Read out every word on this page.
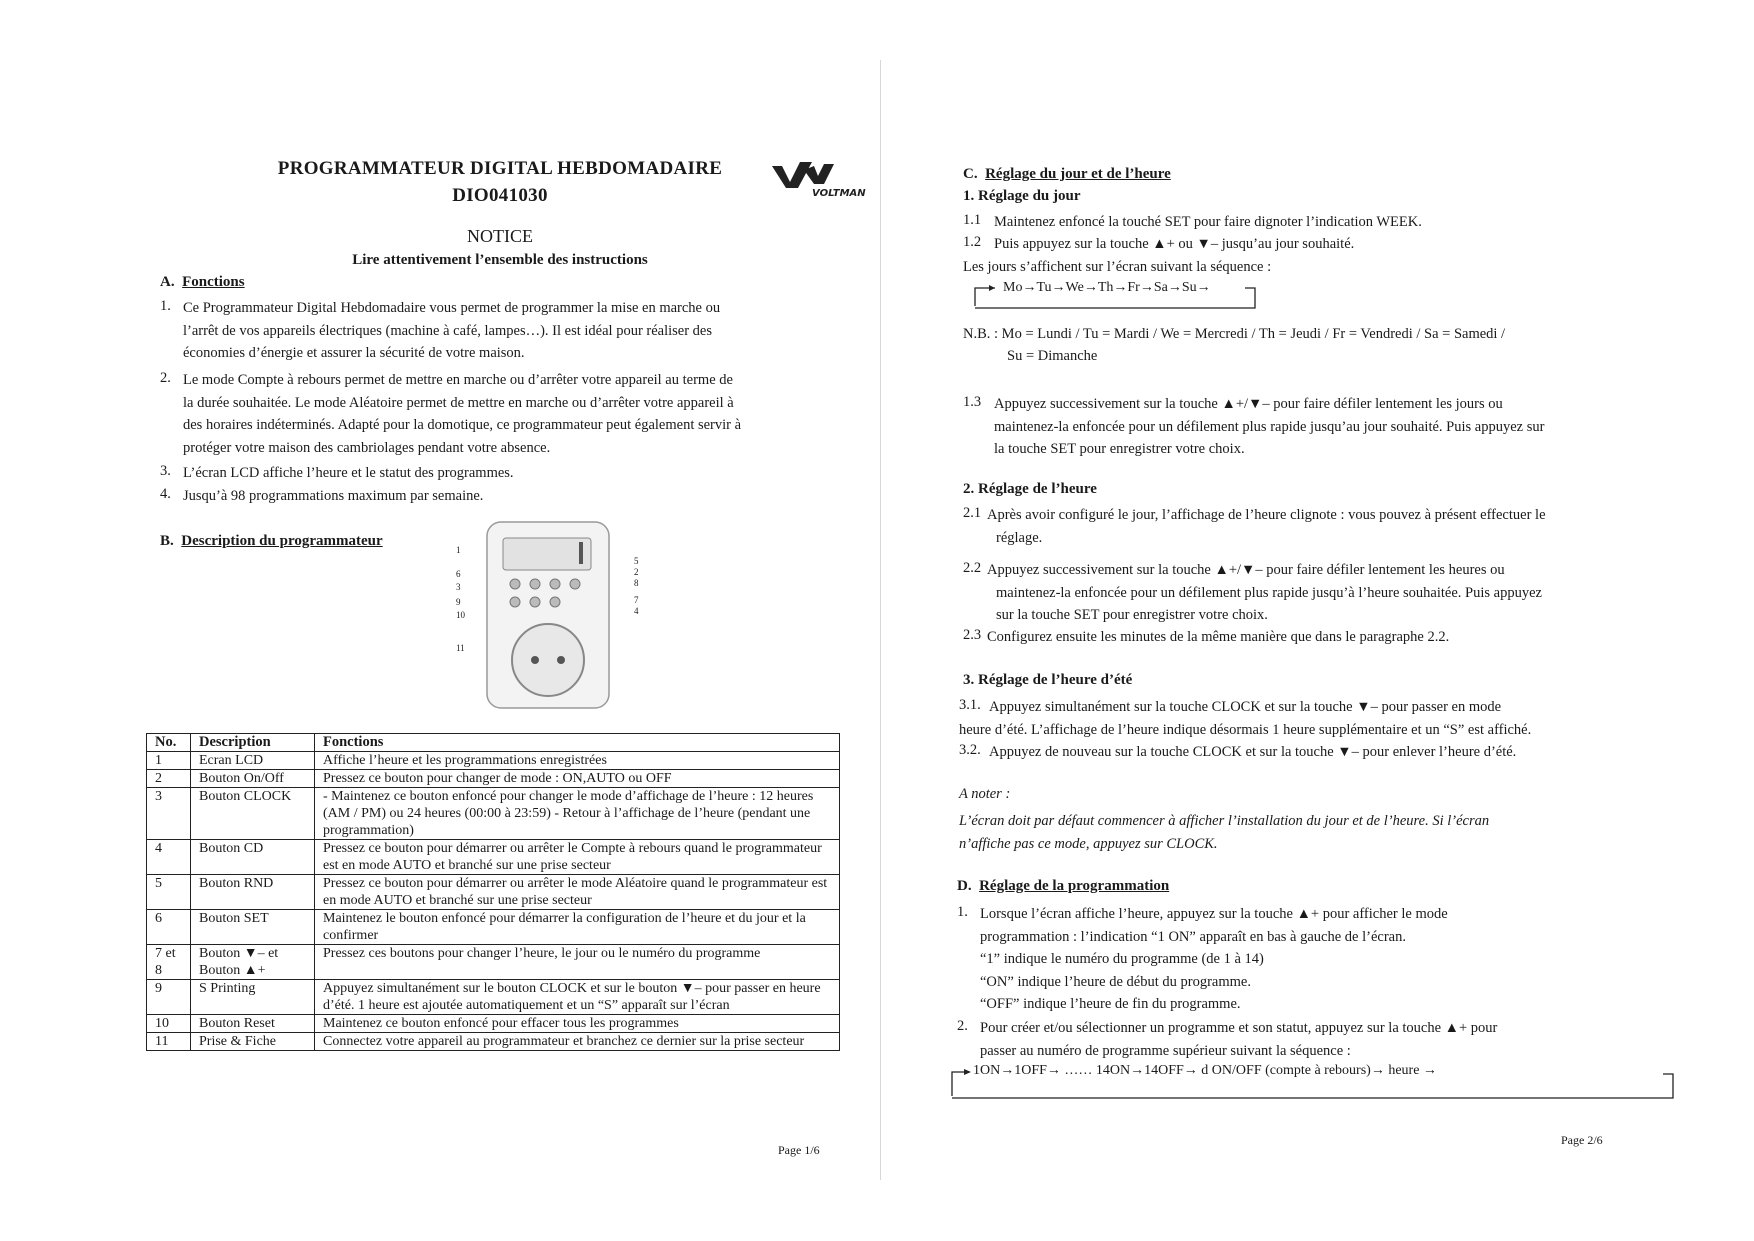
PROGRAMMATEUR DIGITAL HEBDOMADAIRE
DIO041030	VOLTMAN
NOTICE
Lire attentivement l’ensemble des instructions
A. Fonctions
1. Ce Programmateur Digital Hebdomadaire vous permet de programmer la mise en marche ou
l’arrêt de vos appareils électriques (machine à café, lampes…). Il est idéal pour réaliser des
économies d’énergie et assurer la sécurité de votre maison.
2. Le mode Compte à rebours permet de mettre en marche ou d’arrêter votre appareil au terme de
la durée souhaitée. Le mode Aléatoire permet de mettre en marche ou d’arrêter votre appareil à
des horaires indéterminés. Adapté pour la domotique, ce programmateur peut également servir à
protéger votre maison des cambriolages pendant votre absence.
3. L’écran LCD affiche l’heure et le statut des programmes.
4. Jusqu’à 98 programmations maximum par semaine.
B. Description du programmateur
1
6
3
9
10
11
5
2
8
7
4
No.	Description	Fonctions
1	Ecran LCD	Affiche l’heure et les programmations enregistrées
2	Bouton On/Off	Pressez ce bouton pour changer de mode : ON,AUTO ou OFF
3	Bouton CLOCK	- Maintenez ce bouton enfoncé pour changer le mode d’affichage de l’heure : 12 heures (AM / PM) ou 24 heures (00:00 à 23:59) - Retour à l’affichage de l’heure (pendant une programmation)
4	Bouton CD	Pressez ce bouton pour démarrer ou arrêter le Compte à rebours quand le programmateur est en mode AUTO et branché sur une prise secteur
5	Bouton RND	Pressez ce bouton pour démarrer ou arrêter le mode Aléatoire quand le programmateur est en mode AUTO et branché sur une prise secteur
6	Bouton SET	Maintenez le bouton enfoncé pour démarrer la configuration de l’heure et du jour et la confirmer
7 et 8	Bouton ▼– et Bouton ▲+	Pressez ces boutons pour changer l’heure, le jour ou le numéro du programme
9	S Printing	Appuyez simultanément sur le bouton CLOCK et sur le bouton ▼– pour passer en heure d’été. 1 heure est ajoutée automatiquement et un “S” apparaît sur l’écran
10	Bouton Reset	Maintenez ce bouton enfoncé pour effacer tous les programmes
11	Prise & Fiche	Connectez votre appareil au programmateur et branchez ce dernier sur la prise secteur
Page 1/6
C. Réglage du jour et de l’heure
1. Réglage du jour
1.1 Maintenez enfoncé la touché SET pour faire dignoter l’indication WEEK.
1.2 Puis appuyez sur la touche ▲+ ou ▼– jusqu’au jour souhaité.
Les jours s’affichent sur l’écran suivant la séquence :
Mo→Tu→We→Th→Fr→Sa→Su→
N.B. : Mo = Lundi / Tu = Mardi / We = Mercredi / Th = Jeudi / Fr = Vendredi / Sa = Samedi /
Su = Dimanche
1.3 Appuyez successivement sur la touche ▲+/▼– pour faire défiler lentement les jours ou
maintenez-la enfoncée pour un défilement plus rapide jusqu’au jour souhaité. Puis appuyez sur
la touche SET pour enregistrer votre choix.
2. Réglage de l’heure
2.1 Après avoir configuré le jour, l’affichage de l’heure clignote : vous pouvez à présent effectuer le
réglage.
2.2 Appuyez successivement sur la touche ▲+/▼– pour faire défiler lentement les heures ou
maintenez-la enfoncée pour un défilement plus rapide jusqu’à l’heure souhaitée. Puis appuyez
sur la touche SET pour enregistrer votre choix.
2.3 Configurez ensuite les minutes de la même manière que dans le paragraphe 2.2.
3. Réglage de l’heure d’été
3.1. Appuyez simultanément sur la touche CLOCK et sur la touche ▼– pour passer en mode
heure d’été. L’affichage de l’heure indique désormais 1 heure supplémentaire et un “S” est affiché.
3.2. Appuyez de nouveau sur la touche CLOCK et sur la touche ▼– pour enlever l’heure d’été.
A noter :
L’écran doit par défaut commencer à afficher l’installation du jour et de l’heure. Si l’écran
n’affiche pas ce mode, appuyez sur CLOCK.
D. Réglage de la programmation
1. Lorsque l’écran affiche l’heure, appuyez sur la touche ▲+ pour afficher le mode
programmation : l’indication “1 ON” apparaît en bas à gauche de l’écran.
“1” indique le numéro du programme (de 1 à 14)
“ON” indique l’heure de début du programme.
“OFF” indique l’heure de fin du programme.
2. Pour créer et/ou sélectionner un programme et son statut, appuyez sur la touche ▲+ pour
passer au numéro de programme supérieur suivant la séquence :
1ON→1OFF→ …… 14ON→14OFF→ d ON/OFF (compte à rebours)→ heure →
Page 2/6
